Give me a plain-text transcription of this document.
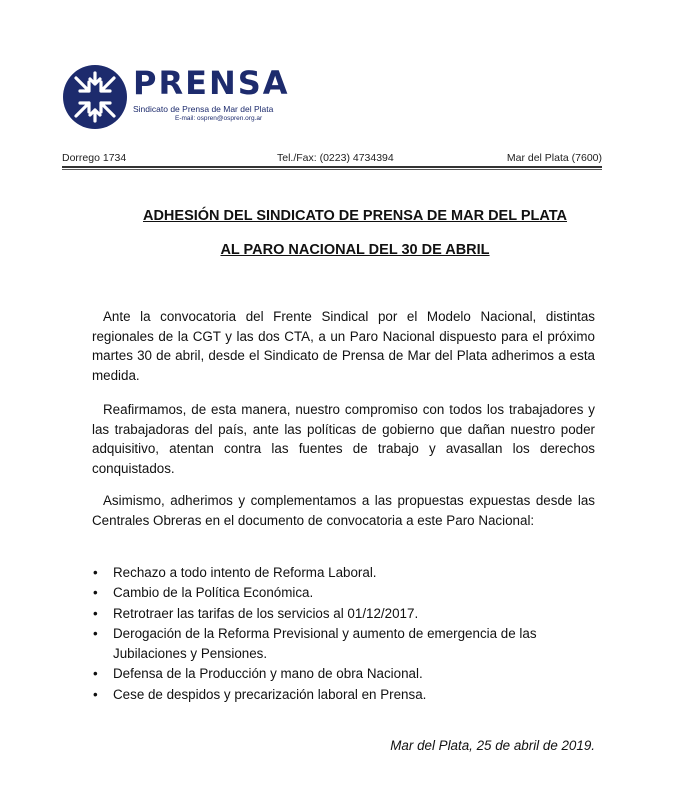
PRENSA
Sindicato de Prensa de Mar del Plata
E-mail: ospren@ospren.org.ar
Dorrego 1734	Tel./Fax: (0223) 4734394	Mar del Plata (7600)
ADHESIÓN DEL SINDICATO DE PRENSA DE MAR DEL PLATA
AL PARO NACIONAL DEL 30 DE ABRIL

Ante la convocatoria del Frente Sindical por el Modelo Nacional, distintas regionales de la CGT y las dos CTA, a un Paro Nacional dispuesto para el próximo martes 30 de abril, desde el Sindicato de Prensa de Mar del Plata adherimos a esta medida.

Reafirmamos, de esta manera, nuestro compromiso con todos los trabajadores y las trabajadoras del país, ante las políticas de gobierno que dañan nuestro poder adquisitivo, atentan contra las fuentes de trabajo y avasallan los derechos conquistados.

Asimismo, adherimos y complementamos a las propuestas expuestas desde las Centrales Obreras en el documento de convocatoria a este Paro Nacional:

• Rechazo a todo intento de Reforma Laboral.
• Cambio de la Política Económica.
• Retrotraer las tarifas de los servicios al 01/12/2017.
• Derogación de la Reforma Previsional y aumento de emergencia de las Jubilaciones y Pensiones.
• Defensa de la Producción y mano de obra Nacional.
• Cese de despidos y precarización laboral en Prensa.
Mar del Plata, 25 de abril de 2019.
